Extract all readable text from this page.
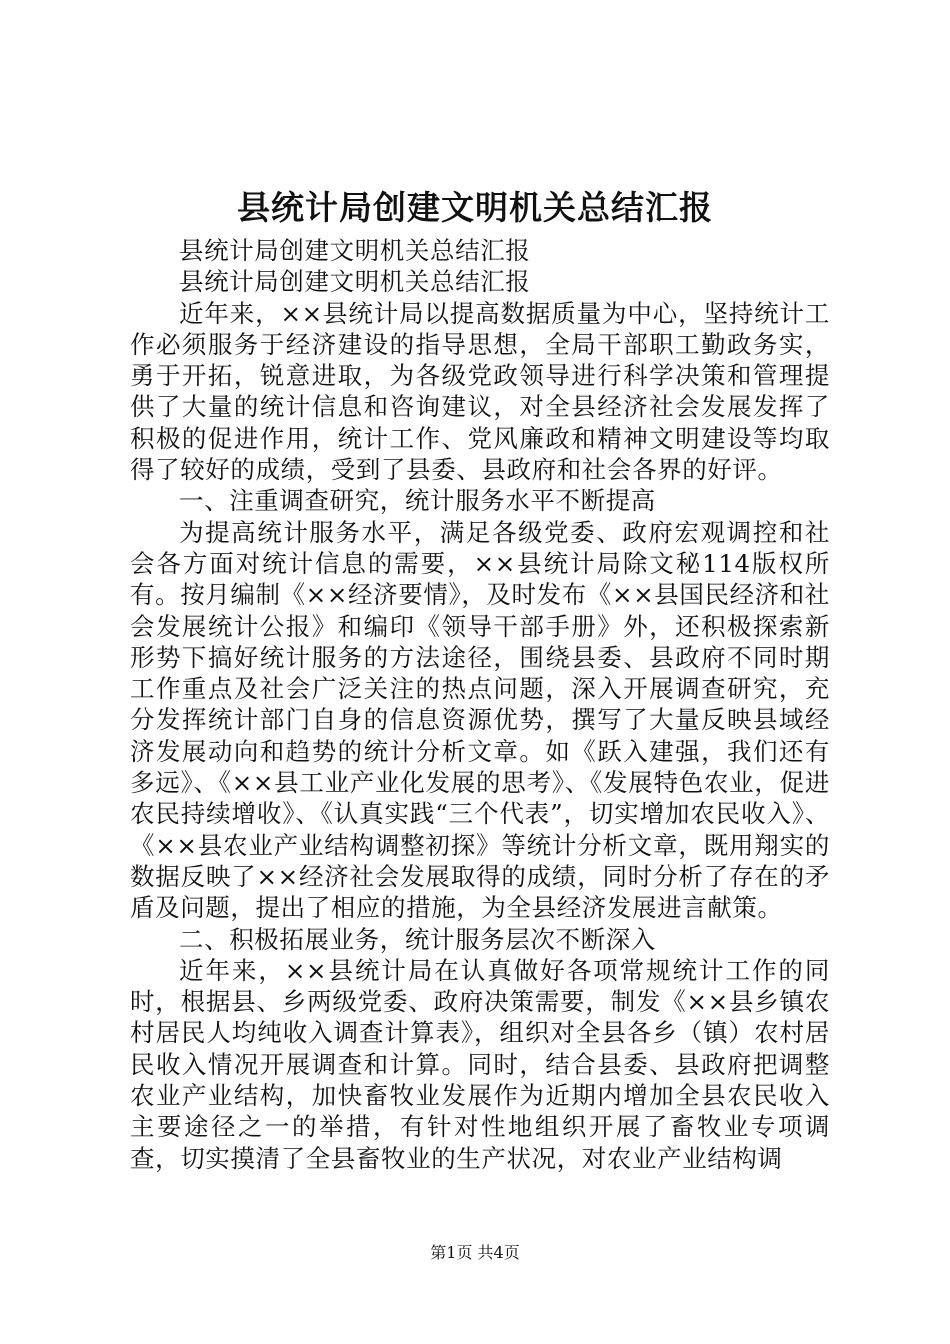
县统计局创建文明机关总结汇报

县统计局创建文明机关总结汇报

县统计局创建文明机关总结汇报

近年来，××县统计局以提高数据质量为中心，坚持统计工作必须服务于经济建设的指导思想，全局干部职工勤政务实，勇于开拓，锐意进取，为各级党政领导进行科学决策和管理提供了大量的统计信息和咨询建议，对全县经济社会发展发挥了积极的促进作用，统计工作、党风廉政和精神文明建设等均取得了较好的成绩，受到了县委、县政府和社会各界的好评。

一、注重调查研究，统计服务水平不断提高

为提高统计服务水平，满足各级党委、政府宏观调控和社会各方面对统计信息的需要，××县统计局除文秘114版权所有。按月编制《××经济要情》，及时发布《××县国民经济和社会发展统计公报》和编印《领导干部手册》外，还积极探索新形势下搞好统计服务的方法途径，围绕县委、县政府不同时期工作重点及社会广泛关注的热点问题，深入开展调查研究，充分发挥统计部门自身的信息资源优势，撰写了大量反映县域经济发展动向和趋势的统计分析文章。如《跃入建强，我们还有多远》、《××县工业产业化发展的思考》、《发展特色农业，促进农民持续增收》、《认真实践“三个代表”，切实增加农民收入》、《××县农业产业结构调整初探》等统计分析文章，既用翔实的数据反映了××经济社会发展取得的成绩，同时分析了存在的矛盾及问题，提出了相应的措施，为全县经济发展进言献策。

二、积极拓展业务，统计服务层次不断深入

近年来，××县统计局在认真做好各项常规统计工作的同时，根据县、乡两级党委、政府决策需要，制发《××县乡镇农村居民人均纯收入调查计算表》，组织对全县各乡（镇）农村居民收入情况开展调查和计算。同时，结合县委、县政府把调整农业产业结构，加快畜牧业发展作为近期内增加全县农民收入主要途径之一的举措，有针对性地组织开展了畜牧业专项调查，切实摸清了全县畜牧业的生产状况，对农业产业结构调

第1页 共4页
